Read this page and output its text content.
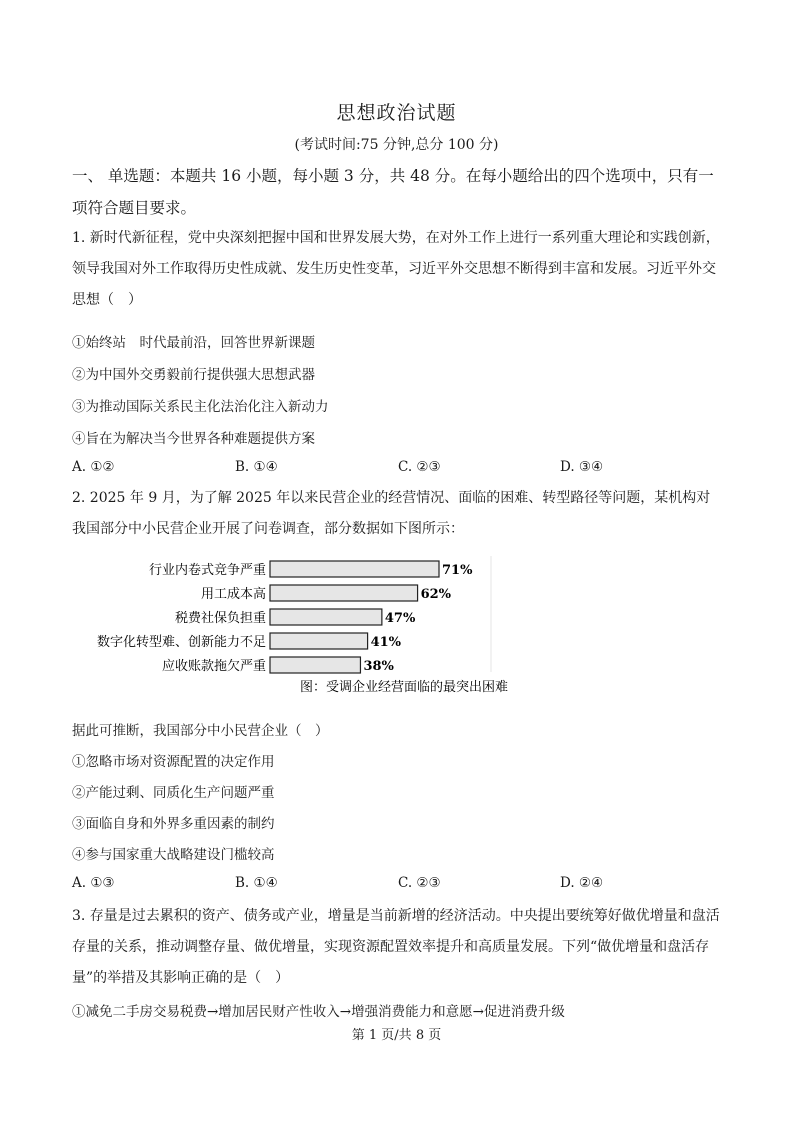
思想政治试题
(考试时间:75 分钟,总分 100 分)
一、 单选题：本题共 16 小题，每小题 3 分，共 48 分。在每小题给出的四个选项中，只有一项符合题目要求。
1. 新时代新征程，党中央深刻把握中国和世界发展大势，在对外工作上进行一系列重大理论和实践创新，领导我国对外工作取得历史性成就、发生历史性变革，习近平外交思想不断得到丰富和发展。习近平外交思想（　）
①始终站　时代最前沿，回答世界新课题
②为中国外交勇毅前行提供强大思想武器
③为推动国际关系民主化法治化注入新动力
④旨在为解决当今世界各种难题提供方案
A. ①②	B. ①④	C. ②③	D. ③④
2. 2025 年 9 月，为了解 2025 年以来民营企业的经营情况、面临的困难、转型路径等问题，某机构对我国部分中小民营企业开展了问卷调查，部分数据如下图所示：
行业内卷式竞争严重	71%
用工成本高	62%
税费社保负担重	47%
数字化转型难、创新能力不足	41%
应收账款拖欠严重	38%
图：受调企业经营面临的最突出困难
据此可推断，我国部分中小民营企业（　）
①忽略市场对资源配置的决定作用
②产能过剩、同质化生产问题严重
③面临自身和外界多重因素的制约
④参与国家重大战略建设门槛较高
A. ①③	B. ①④	C. ②③	D. ②④
3. 存量是过去累积的资产、债务或产业，增量是当前新增的经济活动。中央提出要统筹好做优增量和盘活存量的关系，推动调整存量、做优增量，实现资源配置效率提升和高质量发展。下列“做优增量和盘活存量”的举措及其影响正确的是（　）
①减免二手房交易税费→增加居民财产性收入→增强消费能力和意愿→促进消费升级
第 1 页/共 8 页
